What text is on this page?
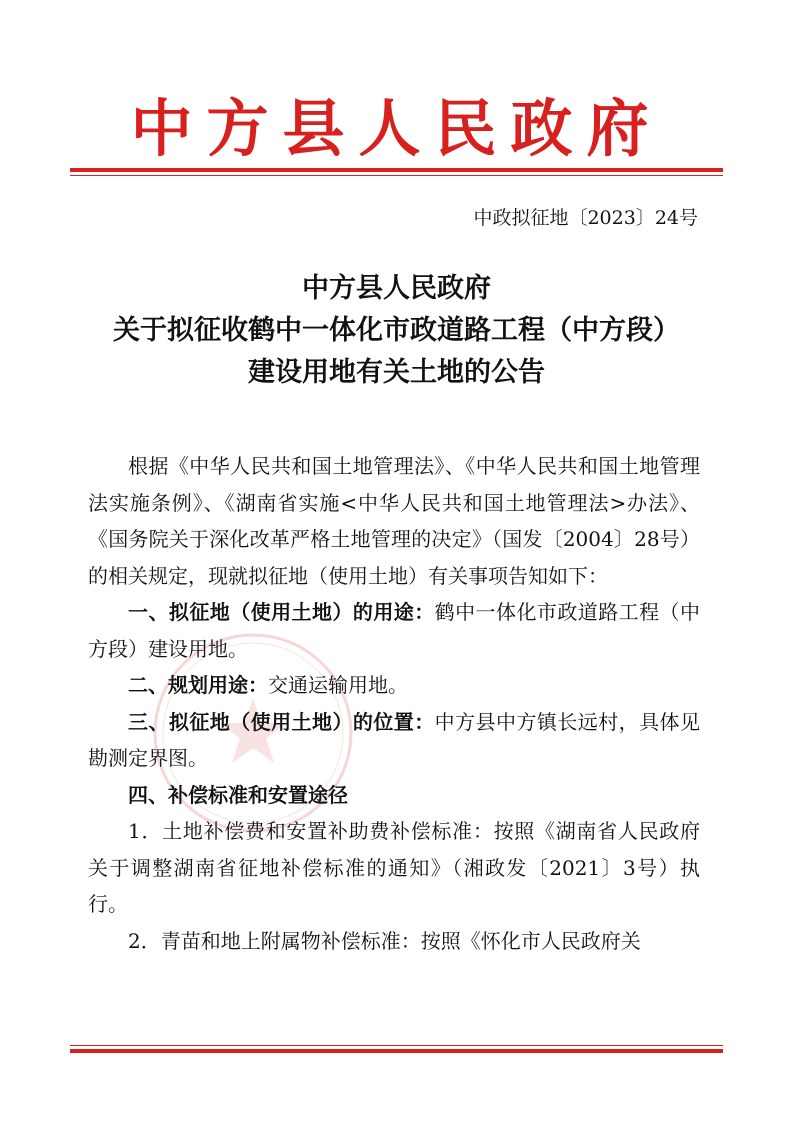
中方县人民政府
中政拟征地〔2023〕24号
中方县人民政府
关于拟征收鹤中一体化市政道路工程（中方段）
建设用地有关土地的公告

根据《中华人民共和国土地管理法》、《中华人民共和国土地管理法实施条例》、《湖南省实施<中华人民共和国土地管理法>办法》、《国务院关于深化改革严格土地管理的决定》（国发〔2004〕28号）的相关规定，现就拟征地（使用土地）有关事项告知如下：

一、拟征地（使用土地）的用途：鹤中一体化市政道路工程（中方段）建设用地。

二、规划用途：交通运输用地。

三、拟征地（使用土地）的位置：中方县中方镇长远村，具体见勘测定界图。

四、补偿标准和安置途径

1．土地补偿费和安置补助费补偿标准：按照《湖南省人民政府关于调整湖南省征地补偿标准的通知》（湘政发〔2021〕3号）执行。

2．青苗和地上附属物补偿标准：按照《怀化市人民政府关
